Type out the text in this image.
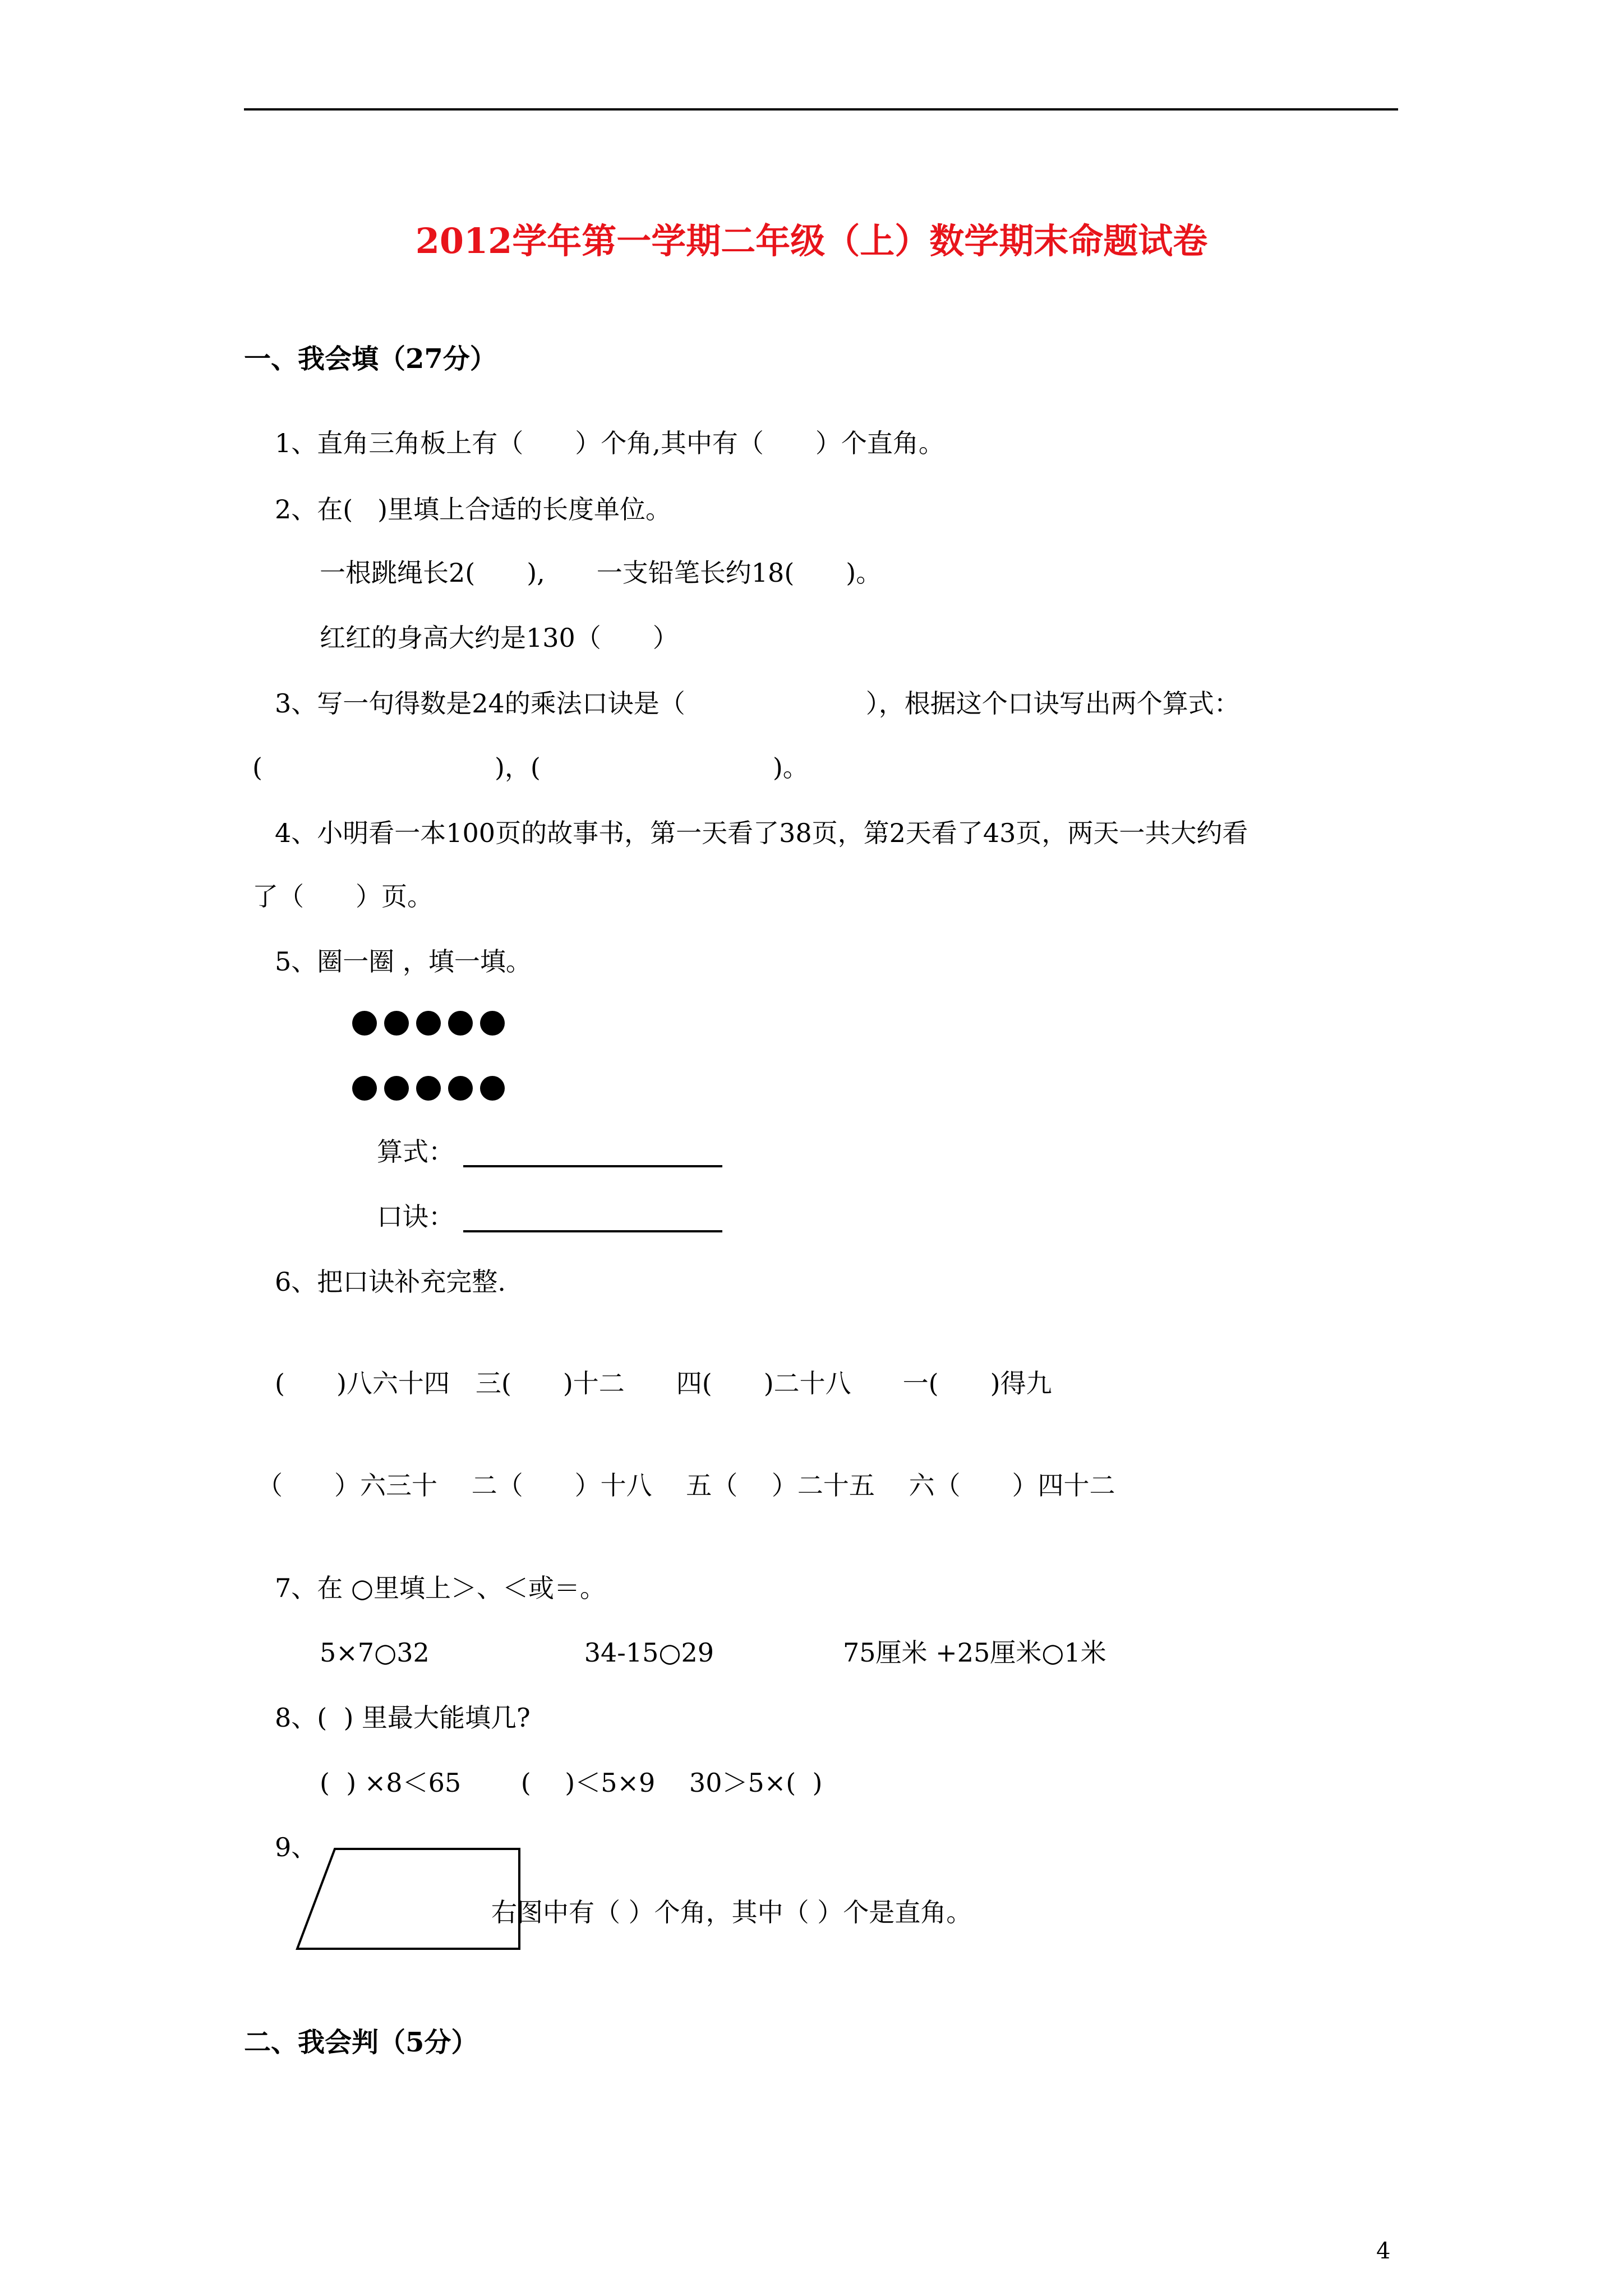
2012学年第一学期二年级（上）数学期末命题试卷
一、我会填（27分）
1、直角三角板上有（　　）个角,其中有（　　）个直角。
2、在(   )里填上合适的长度单位。
一根跳绳长2(　　),　　一支铅笔长约18(　　)。
红红的身高大约是130（　　）
3、写一句得数是24的乘法口诀是（　　　　　　　），根据这个口诀写出两个算式：
(　　　　　　　　　)，(　　　　　　　　　)。
4、小明看一本100页的故事书，第一天看了38页，第2天看了43页，两天一共大约看
了（　　）页。
5、圈一圈 ，填一填。
算式：
口诀：
6、把口诀补充完整.
(　　)八六十四　三(　　)十二　　四(　　)二十八　　一(　　)得九
（　　）六三十　 二（　　）十八　 五（　 ）二十五　 六（　　）四十二
7、在 ○里填上＞、＜或＝。
5×7○32　　　　　　34-15○29　　　　　75厘米 +25厘米○1米
8、(  ) 里最大能填几?
(  ) ×8＜65　　 (　 )＜5×9　 30＞5×(  )
9、
右图中有（ ）个角，其中（ ）个是直角。
二、我会判（5分）
4
